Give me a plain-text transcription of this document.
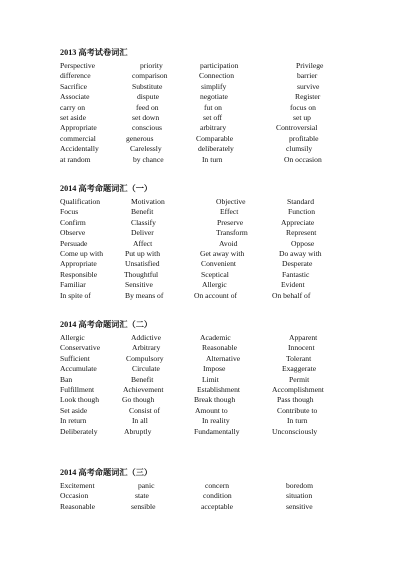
2013 高考试卷词汇
Perspective	priority	participation	Privilege
difference	comparison	Connection	barrier
Sacrifice	Substitute	simplify	survive
Associate	dispute	negotiate	Register
carry on	feed on	fut on	focus on
set aside	set down	set off	set up
Appropriate	conscious	arbitrary	Controversial
commercial	generous	Comparable	profitable
Accidentally	Carelessly	deliberately	clumsily
at random	by chance	In turn	On occasion
2014 高考命题词汇（一）
Qualification	Motivation	Objective	Standard
Focus	Benefit	Effect	Function
Confirm	Classify	Preserve	Appreciate
Observe	Deliver	Transform	Represent
Persuade	Affect	Avoid	Oppose
Come up with	Put up with	Get away with	Do away with
Appropriate	Unsatisfied	Convenient	Desperate
Responsible	Thoughtful	Sceptical	Fantastic
Familiar	Sensitive	Allergic	Evident
In spite of	By means of	On account of	On behalf of
2014 高考命题词汇（二）
Allergic	Addictive	Academic	Apparent
Conservative	Arbitrary	Reasonable	Innocent
Sufficient	Compulsory	Alternative	Tolerant
Accumulate	Circulate	Impose	Exaggerate
Ban	Benefit	Limit	Permit
Fulfillment	Achievement	Establishment	Accomplishment
Look though	Go though	Break though	Pass though
Set aside	Consist of	Amount to	Contribute to
In return	In all	In reality	In turn
Deliberately	Abruptly	Fundamentally	Unconsciously
2014 高考命题词汇（三）
Excitement	panic	concern	boredom
Occasion	state	condition	situation
Reasonable	sensible	acceptable	sensitive
